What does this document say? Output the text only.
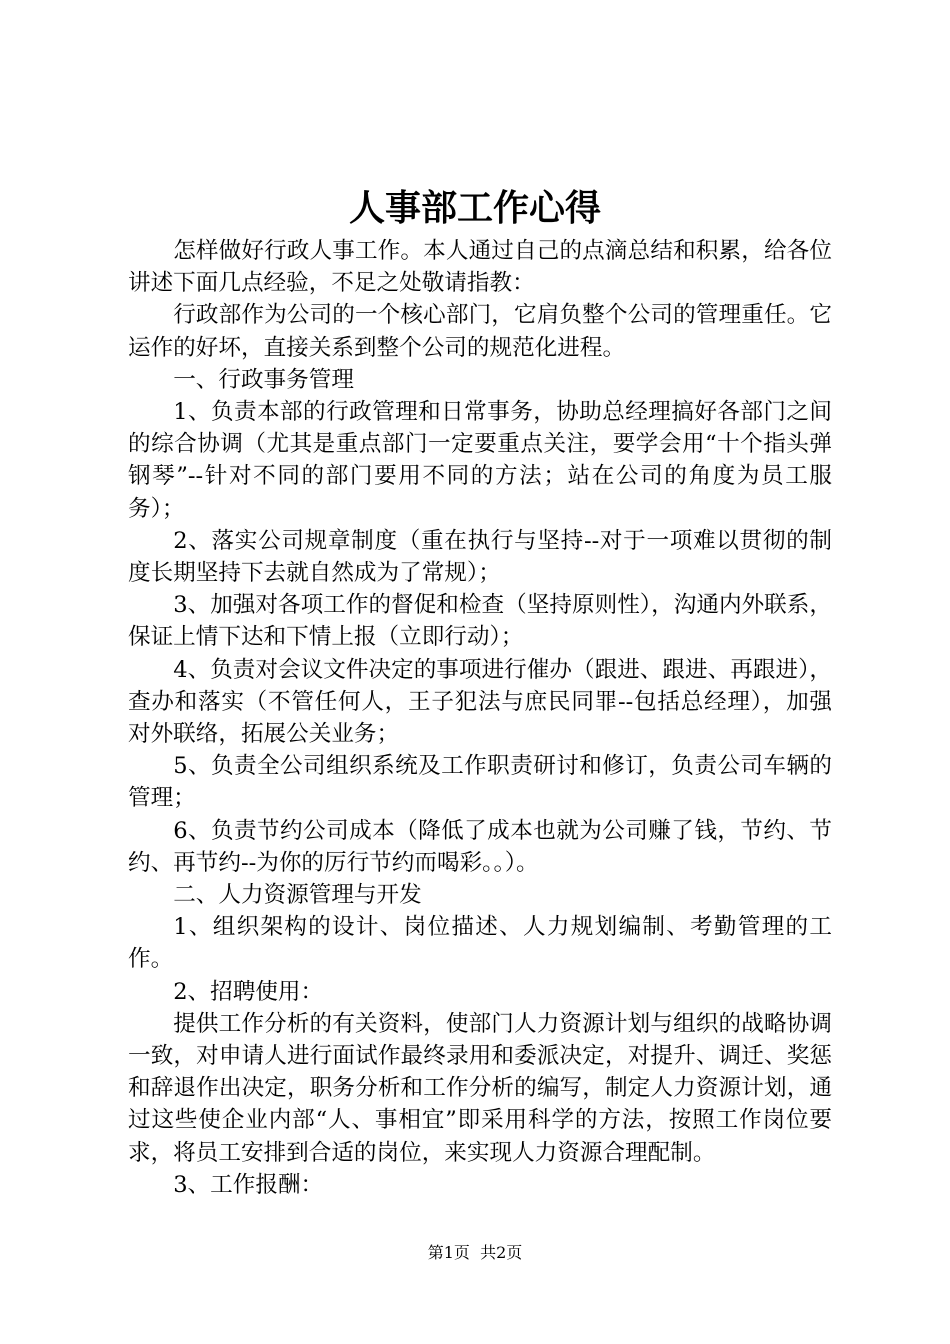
人事部工作心得

怎样做好行政人事工作。本人通过自己的点滴总结和积累，给各位讲述下面几点经验，不足之处敬请指教：

行政部作为公司的一个核心部门，它肩负整个公司的管理重任。它运作的好坏，直接关系到整个公司的规范化进程。

一、行政事务管理

1、负责本部的行政管理和日常事务，协助总经理搞好各部门之间的综合协调（尤其是重点部门一定要重点关注，要学会用“十个指头弹钢琴”--针对不同的部门要用不同的方法；站在公司的角度为员工服务）；

2、落实公司规章制度（重在执行与坚持--对于一项难以贯彻的制度长期坚持下去就自然成为了常规）；

3、加强对各项工作的督促和检查（坚持原则性），沟通内外联系，保证上情下达和下情上报（立即行动）；

4、负责对会议文件决定的事项进行催办（跟进、跟进、再跟进），查办和落实（不管任何人，王子犯法与庶民同罪--包括总经理），加强对外联络，拓展公关业务；

5、负责全公司组织系统及工作职责研讨和修订，负责公司车辆的管理；

6、负责节约公司成本（降低了成本也就为公司赚了钱，节约、节约、再节约--为你的厉行节约而喝彩。。）。

二、人力资源管理与开发

1、组织架构的设计、岗位描述、人力规划编制、考勤管理的工作。

2、招聘使用：

提供工作分析的有关资料，使部门人力资源计划与组织的战略协调一致，对申请人进行面试作最终录用和委派决定，对提升、调迁、奖惩和辞退作出决定，职务分析和工作分析的编写，制定人力资源计划，通过这些使企业内部“人、事相宜”即采用科学的方法，按照工作岗位要求，将员工安排到合适的岗位，来实现人力资源合理配制。

3、工作报酬：

第1页 共2页
